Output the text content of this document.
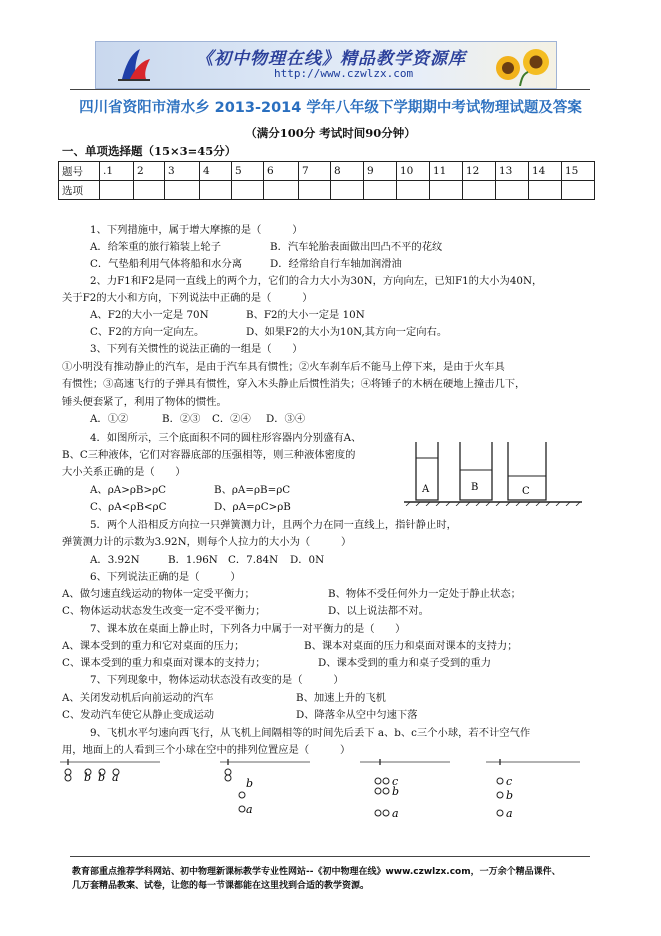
《初中物理在线》精品教学资源库
http://www.czwlzx.com
四川省资阳市清水乡 2013-2014 学年八年级下学期期中考试物理试题及答案
（满分100分 考试时间90分钟）
一、单项选择题（15×3=45分）
题号	.1	2	3	4	5	6	7	8	9	10	11	12	13	14	15
选项															
1、下列措施中，属于增大摩擦的是（　　　）
A．给笨重的旅行箱装上轮子	B．汽车轮胎表面做出凹凸不平的花纹
C．气垫船利用气体将船和水分离	D．经常给自行车轴加润滑油
2、力F1和F2是同一直线上的两个力，它们的合力大小为30N，方向向左，已知F1的大小为40N，
关于F2的大小和方向，下列说法中正确的是（　　　）
A、F2的大小一定是 70N	B、F2的大小一定是 10N
C、F2的方向一定向左。	D、如果F2的大小为10N,其方向一定向右。
3、下列有关惯性的说法正确的一组是（　　）
①小明没有推动静止的汽车，是由于汽车具有惯性；②火车刹车后不能马上停下来，是由于火车具
有惯性；③高速飞行的子弹具有惯性，穿入木头静止后惯性消失；④将锤子的木柄在硬地上撞击几下，
锤头便套紧了，利用了物体的惯性。
A．①②	B．②③ C．②④ D．③④
4．如图所示，三个底面积不同的圆柱形容器内分别盛有A、
B、C三种液体，它们对容器底部的压强相等，则三种液体密度的
大小关系正确的是（　　）
A、ρA>ρB>ρC	B、ρA=ρB=ρC
C、ρA<ρB<ρC	D、ρA=ρC>ρB
A	B	C
5．两个人沿相反方向拉一只弹簧测力计，且两个力在同一直线上，指针静止时，
弹簧测力计的示数为3.92N，则每个人拉力的大小为（　　　）
A．3.92N	B．1.96N C．7.84N D．0N
6、下列说法正确的是（　　　）
A、做匀速直线运动的物体一定受平衡力；	B、物体不受任何外力一定处于静止状态；
C、物体运动状态发生改变一定不受平衡力；	D、以上说法都不对。
7、课本放在桌面上静止时，下列各力中属于一对平衡力的是（　　）
A、课本受到的重力和它对桌面的压力；	B、课本对桌面的压力和桌面对课本的支持力；
C、课本受到的重力和桌面对课本的支持力；	D、课本受到的重力和桌子受到的重力
7、下列现象中，物体运动状态没有改变的是（　　　）
A、关闭发动机后向前运动的汽车	B、加速上升的飞机
C、发动汽车使它从静止变成运动	D、降落伞从空中匀速下落
9、飞机水平匀速向西飞行，从飞机上间隔相等的时间先后丢下 a、b、c三个小球，若不计空气作
用，地面上的人看到三个小球在空中的排列位置应是（　　　）
b b a	b
a
c
b
a
c
b
a
教育部重点推荐学科网站、初中物理新课标教学专业性网站--《初中物理在线》www.czwlzx.com，一万余个精品课件、
几万套精品教案、试卷，让您的每一节课都能在这里找到合适的教学资源。
